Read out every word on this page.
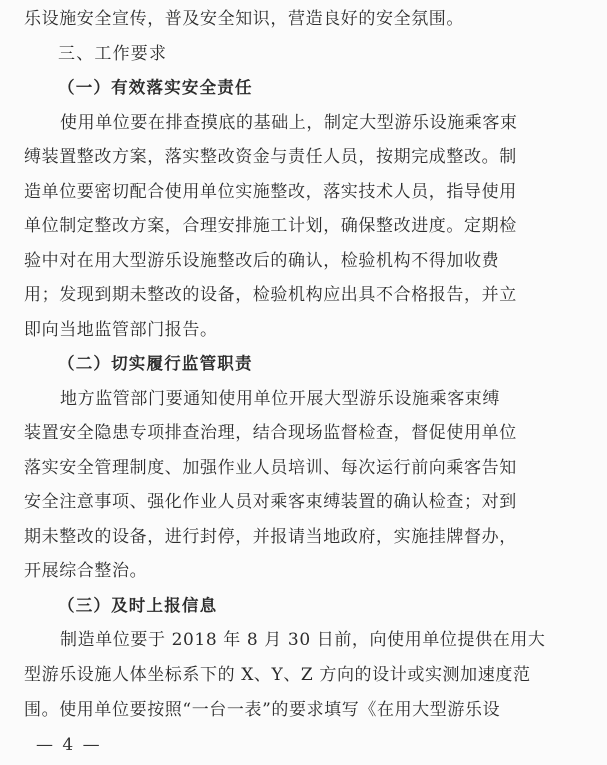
— 4 —
乐设施安全宣传，普及安全知识，营造良好的安全氛围。
三、工作要求
（一）有效落实安全责任
使用单位要在排查摸底的基础上，制定大型游乐设施乘客束
缚装置整改方案，落实整改资金与责任人员，按期完成整改。制
造单位要密切配合使用单位实施整改，落实技术人员，指导使用
单位制定整改方案，合理安排施工计划，确保整改进度。定期检
验中对在用大型游乐设施整改后的确认，检验机构不得加收费
用；发现到期未整改的设备，检验机构应出具不合格报告，并立
即向当地监管部门报告。
（二）切实履行监管职责
地方监管部门要通知使用单位开展大型游乐设施乘客束缚
装置安全隐患专项排查治理，结合现场监督检查，督促使用单位
落实安全管理制度、加强作业人员培训、每次运行前向乘客告知
安全注意事项、强化作业人员对乘客束缚装置的确认检查；对到
期未整改的设备，进行封停，并报请当地政府，实施挂牌督办，
开展综合整治。
（三）及时上报信息
制造单位要于 2018 年 8 月 30 日前，向使用单位提供在用大
型游乐设施人体坐标系下的 X、Y、Z 方向的设计或实测加速度范
围。使用单位要按照“一台一表”的要求填写《在用大型游乐设
